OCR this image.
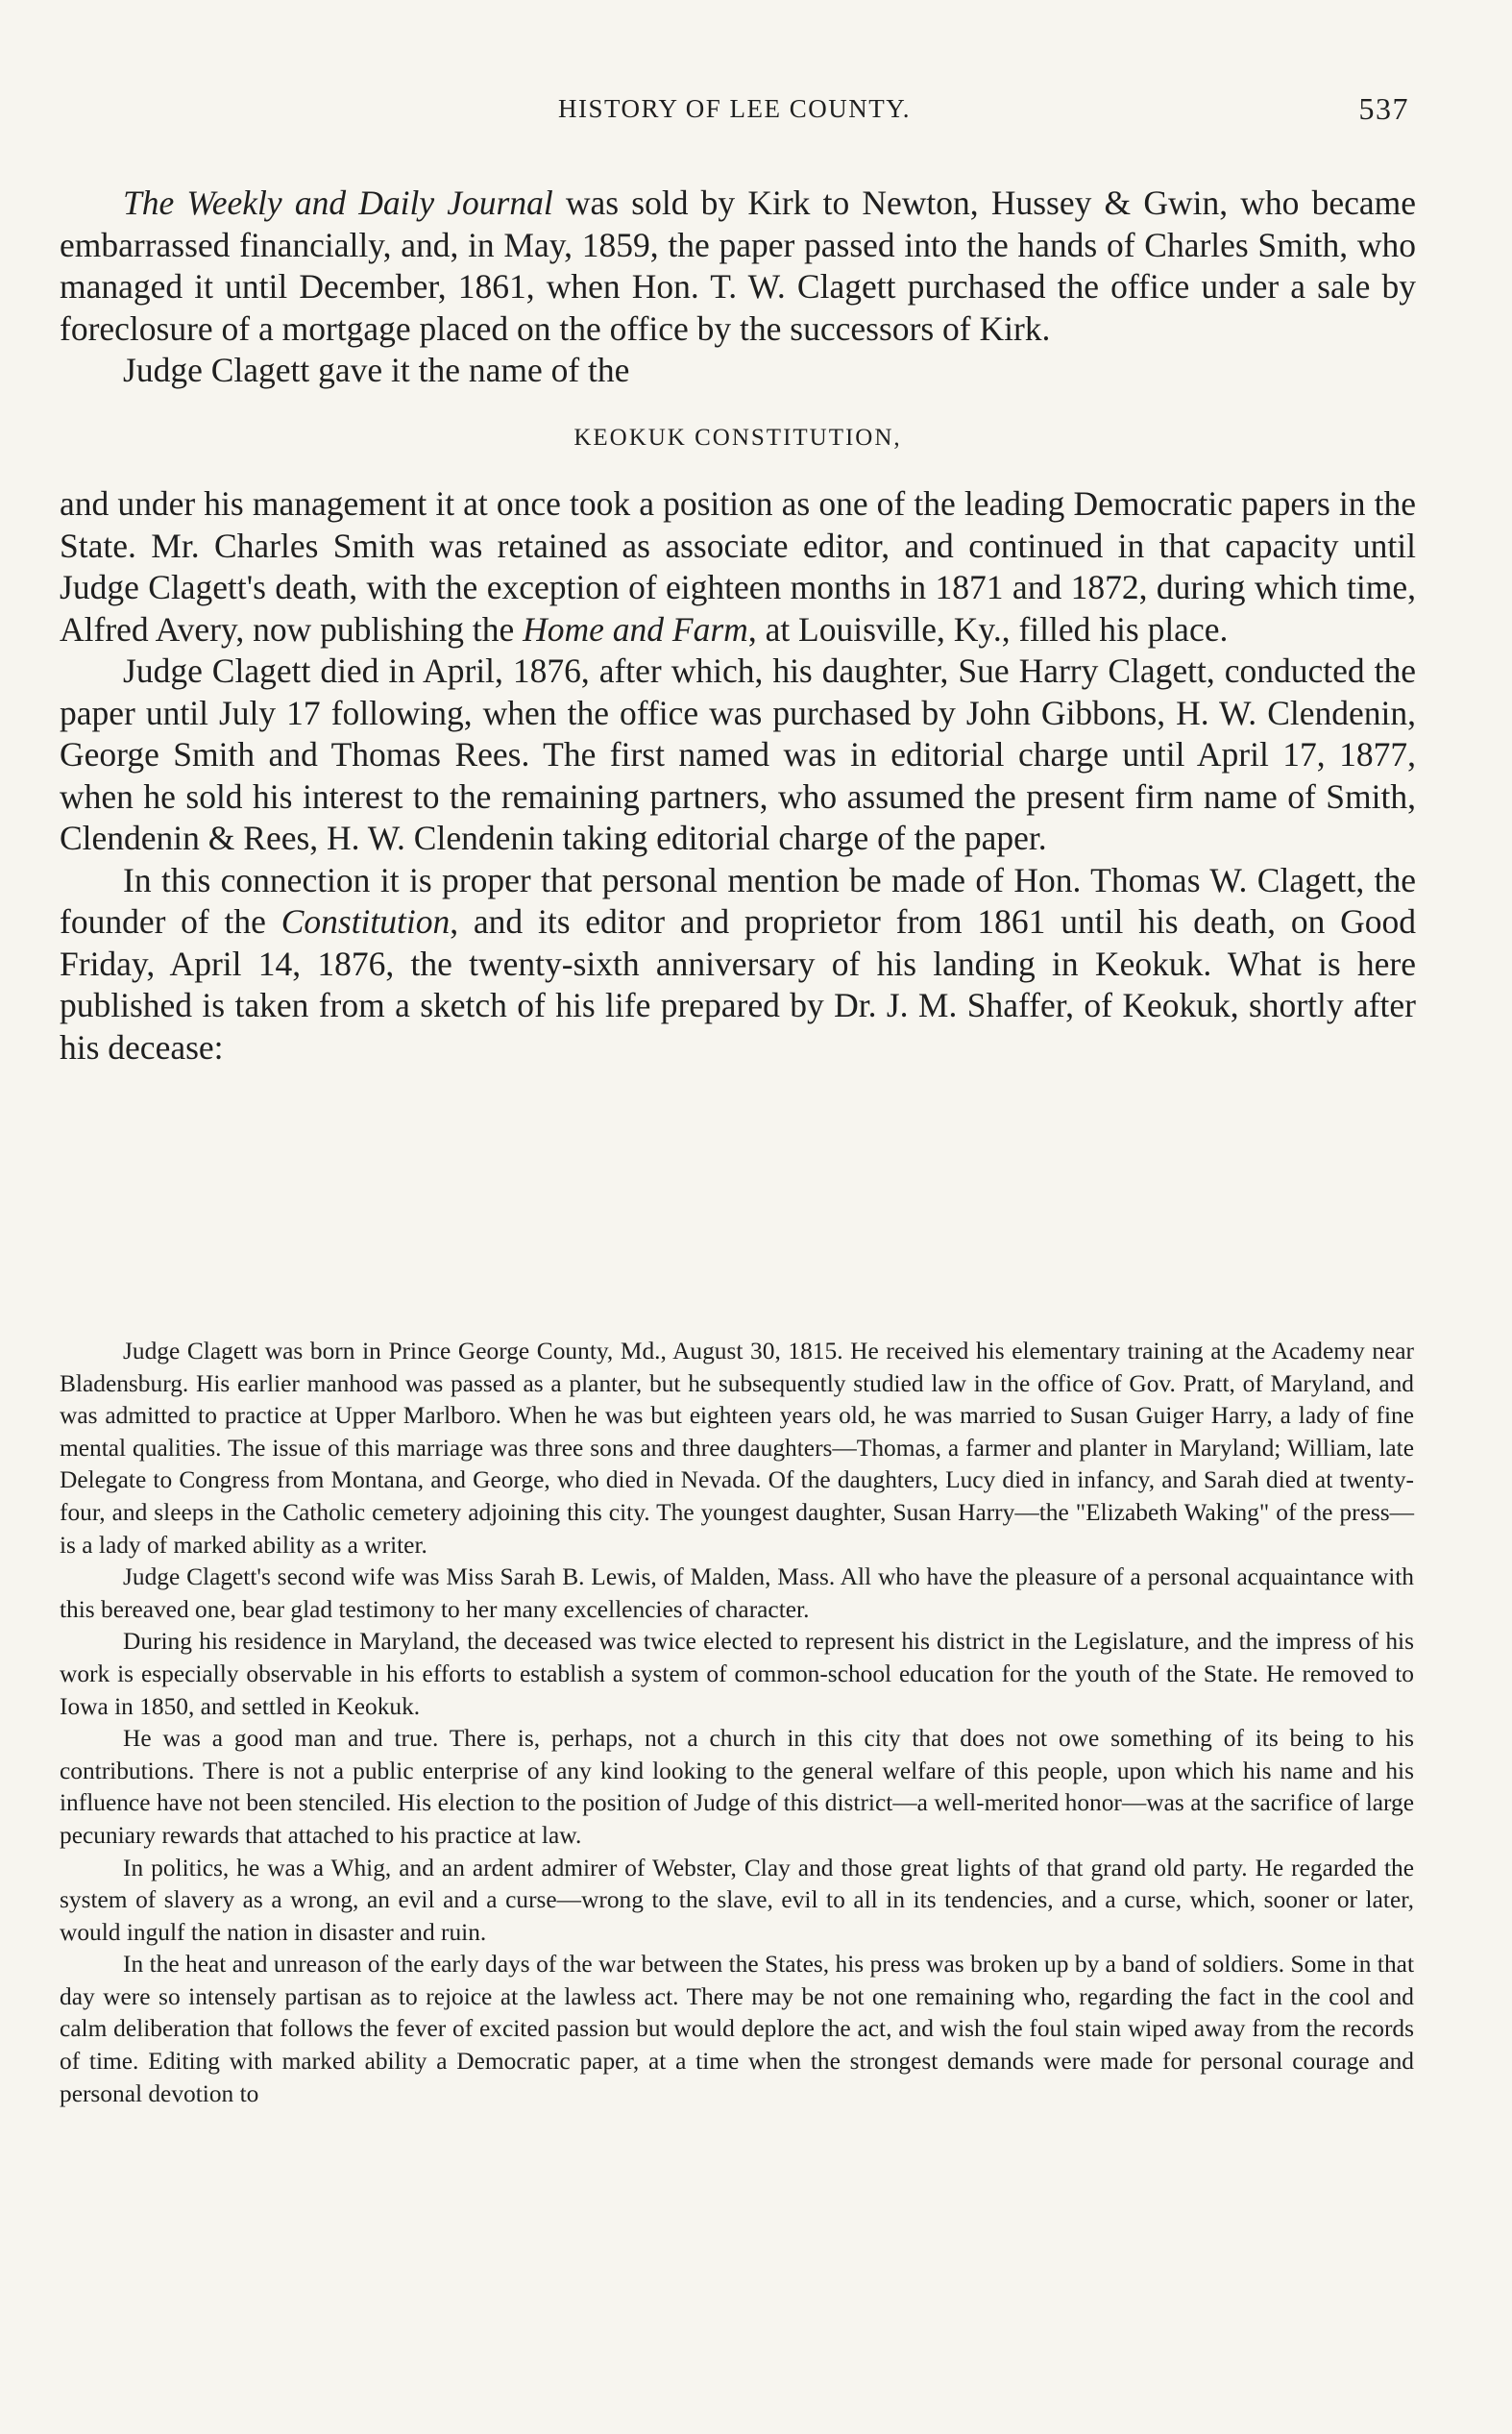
HISTORY OF LEE COUNTY.	537

The Weekly and Daily Journal was sold by Kirk to Newton, Hussey & Gwin, who became embarrassed financially, and, in May, 1859, the paper passed into the hands of Charles Smith, who managed it until December, 1861, when Hon. T. W. Clagett purchased the office under a sale by foreclosure of a mortgage placed on the office by the successors of Kirk.

Judge Clagett gave it the name of the

KEOKUK CONSTITUTION,

and under his management it at once took a position as one of the leading Democratic papers in the State. Mr. Charles Smith was retained as associate editor, and continued in that capacity until Judge Clagett's death, with the exception of eighteen months in 1871 and 1872, during which time, Alfred Avery, now publishing the Home and Farm, at Louisville, Ky., filled his place.

Judge Clagett died in April, 1876, after which, his daughter, Sue Harry Clagett, conducted the paper until July 17 following, when the office was purchased by John Gibbons, H. W. Clendenin, George Smith and Thomas Rees. The first named was in editorial charge until April 17, 1877, when he sold his interest to the remaining partners, who assumed the present firm name of Smith, Clendenin & Rees, H. W. Clendenin taking editorial charge of the paper.

In this connection it is proper that personal mention be made of Hon. Thomas W. Clagett, the founder of the Constitution, and its editor and proprietor from 1861 until his death, on Good Friday, April 14, 1876, the twenty-sixth anniversary of his landing in Keokuk. What is here published is taken from a sketch of his life prepared by Dr. J. M. Shaffer, of Keokuk, shortly after his decease:

Judge Clagett was born in Prince George County, Md., August 30, 1815. He received his elementary training at the Academy near Bladensburg. His earlier manhood was passed as a planter, but he subsequently studied law in the office of Gov. Pratt, of Maryland, and was admitted to practice at Upper Marlboro. When he was but eighteen years old, he was married to Susan Guiger Harry, a lady of fine mental qualities. The issue of this marriage was three sons and three daughters—Thomas, a farmer and planter in Maryland; William, late Delegate to Congress from Montana, and George, who died in Nevada. Of the daughters, Lucy died in infancy, and Sarah died at twenty-four, and sleeps in the Catholic cemetery adjoining this city. The youngest daughter, Susan Harry—the "Elizabeth Waking" of the press—is a lady of marked ability as a writer.

Judge Clagett's second wife was Miss Sarah B. Lewis, of Malden, Mass. All who have the pleasure of a personal acquaintance with this bereaved one, bear glad testimony to her many excellencies of character.

During his residence in Maryland, the deceased was twice elected to represent his district in the Legislature, and the impress of his work is especially observable in his efforts to establish a system of common-school education for the youth of the State. He removed to Iowa in 1850, and settled in Keokuk.

He was a good man and true. There is, perhaps, not a church in this city that does not owe something of its being to his contributions. There is not a public enterprise of any kind looking to the general welfare of this people, upon which his name and his influence have not been stenciled. His election to the position of Judge of this district—a well-merited honor—was at the sacrifice of large pecuniary rewards that attached to his practice at law.

In politics, he was a Whig, and an ardent admirer of Webster, Clay and those great lights of that grand old party. He regarded the system of slavery as a wrong, an evil and a curse—wrong to the slave, evil to all in its tendencies, and a curse, which, sooner or later, would ingulf the nation in disaster and ruin.

In the heat and unreason of the early days of the war between the States, his press was broken up by a band of soldiers. Some in that day were so intensely partisan as to rejoice at the lawless act. There may be not one remaining who, regarding the fact in the cool and calm deliberation that follows the fever of excited passion but would deplore the act, and wish the foul stain wiped away from the records of time. Editing with marked ability a Democratic paper, at a time when the strongest demands were made for personal courage and personal devotion to
